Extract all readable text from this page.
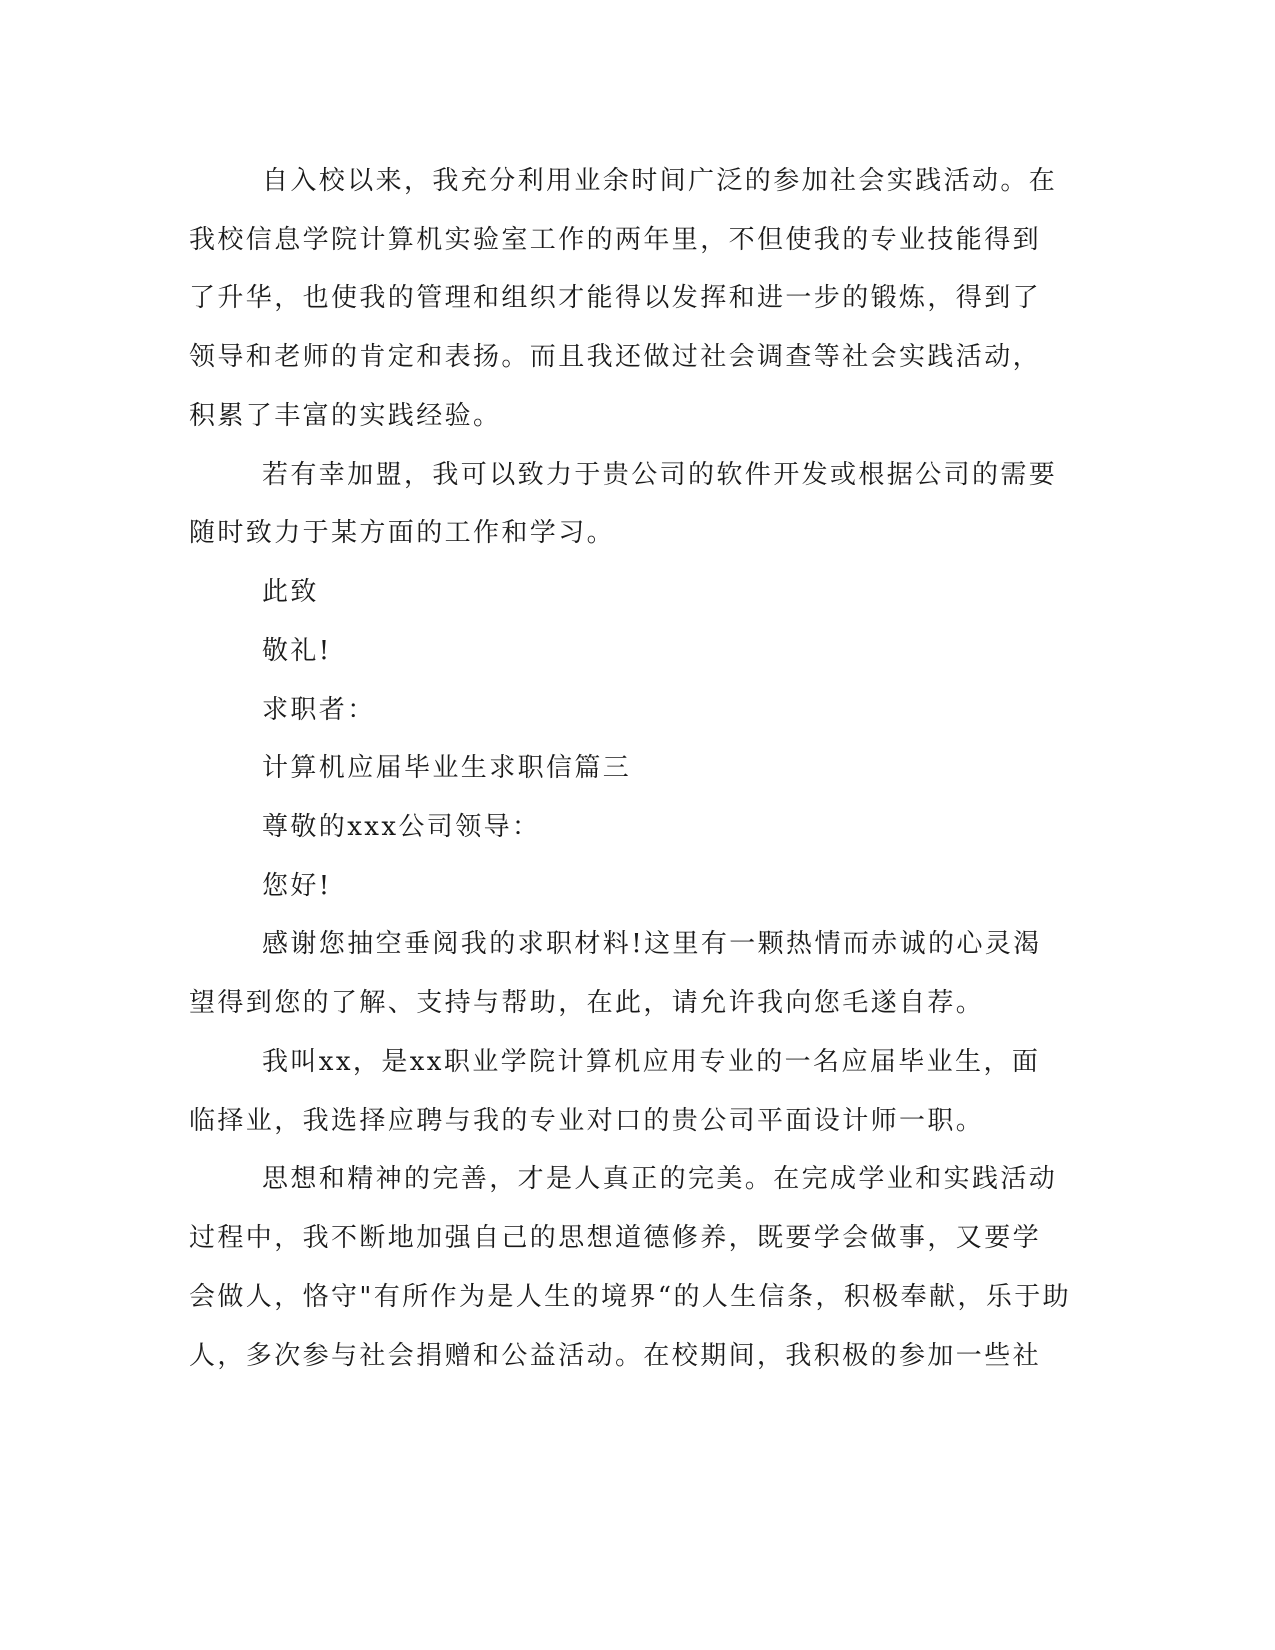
自入校以来，我充分利用业余时间广泛的参加社会实践活动。在
我校信息学院计算机实验室工作的两年里，不但使我的专业技能得到
了升华，也使我的管理和组织才能得以发挥和进一步的锻炼，得到了
领导和老师的肯定和表扬。而且我还做过社会调查等社会实践活动，
积累了丰富的实践经验。
若有幸加盟，我可以致力于贵公司的软件开发或根据公司的需要
随时致力于某方面的工作和学习。
此致
敬礼!
求职者：
计算机应届毕业生求职信篇三
尊敬的xxx公司领导：
您好!
感谢您抽空垂阅我的求职材料!这里有一颗热情而赤诚的心灵渴
望得到您的了解、支持与帮助，在此，请允许我向您毛遂自荐。
我叫xx，是xx职业学院计算机应用专业的一名应届毕业生，面
临择业，我选择应聘与我的专业对口的贵公司平面设计师一职。
思想和精神的完善，才是人真正的完美。在完成学业和实践活动
过程中，我不断地加强自己的思想道德修养，既要学会做事，又要学
会做人，恪守"有所作为是人生的境界“的人生信条，积极奉献，乐于助
人，多次参与社会捐赠和公益活动。在校期间，我积极的参加一些社
